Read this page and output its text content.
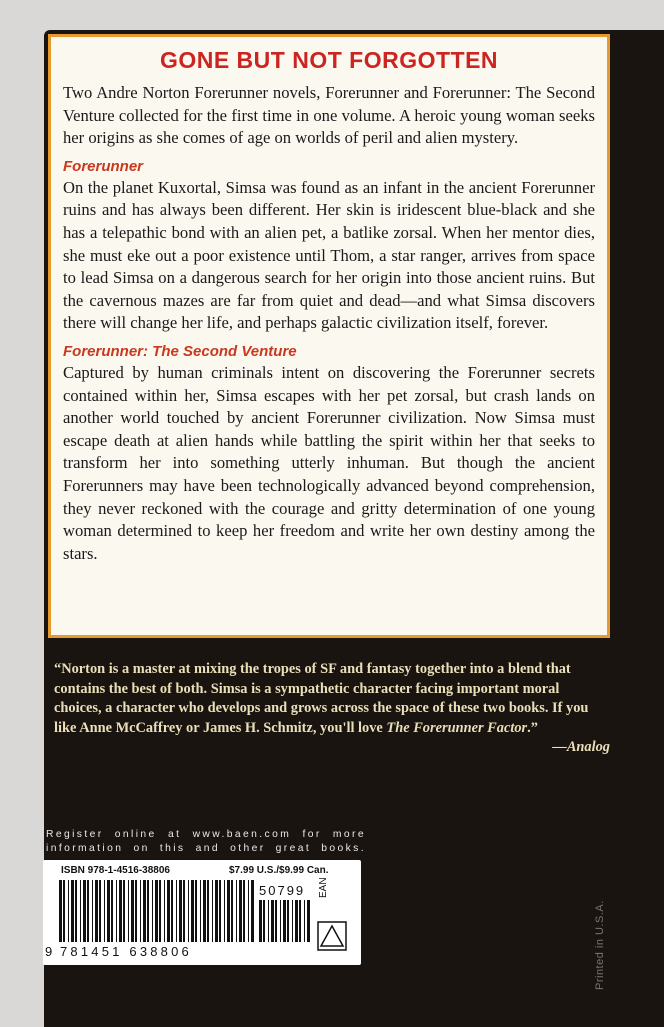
GONE BUT NOT FORGOTTEN

Two Andre Norton Forerunner novels, Forerunner and Forerunner: The Second Venture collected for the first time in one volume. A heroic young woman seeks her origins as she comes of age on worlds of peril and alien mystery.

Forerunner

On the planet Kuxortal, Simsa was found as an infant in the ancient Forerunner ruins and has always been different. Her skin is iridescent blue-black and she has a telepathic bond with an alien pet, a batlike zorsal. When her mentor dies, she must eke out a poor existence until Thom, a star ranger, arrives from space to lead Simsa on a dangerous search for her origin into those ancient ruins. But the cavernous mazes are far from quiet and dead—and what Simsa discovers there will change her life, and perhaps galactic civilization itself, forever.

Forerunner: The Second Venture

Captured by human criminals intent on discovering the Forerunner secrets contained within her, Simsa escapes with her pet zorsal, but crash lands on another world touched by ancient Forerunner civilization. Now Simsa must escape death at alien hands while battling the spirit within her that seeks to transform her into something utterly inhuman. But though the ancient Forerunners may have been technologically advanced beyond comprehension, they never reckoned with the courage and gritty determination of one young woman determined to keep her freedom and write her own destiny among the stars.

“Norton is a master at mixing the tropes of SF and fantasy together into a blend that contains the best of both. Simsa is a sympathetic character facing important moral choices, a character who develops and grows across the space of these two books. If you like Anne McCaffrey or James H. Schmitz, you'll love The Forerunner Factor.”
—Analog
Register online at www.baen.com for more information on this and other great books.
ISBN 978-1-4516-38806	$7.99 U.S./$9.99 Can.
50799 EAN
9 781451 638806	Printed in U.S.A.
